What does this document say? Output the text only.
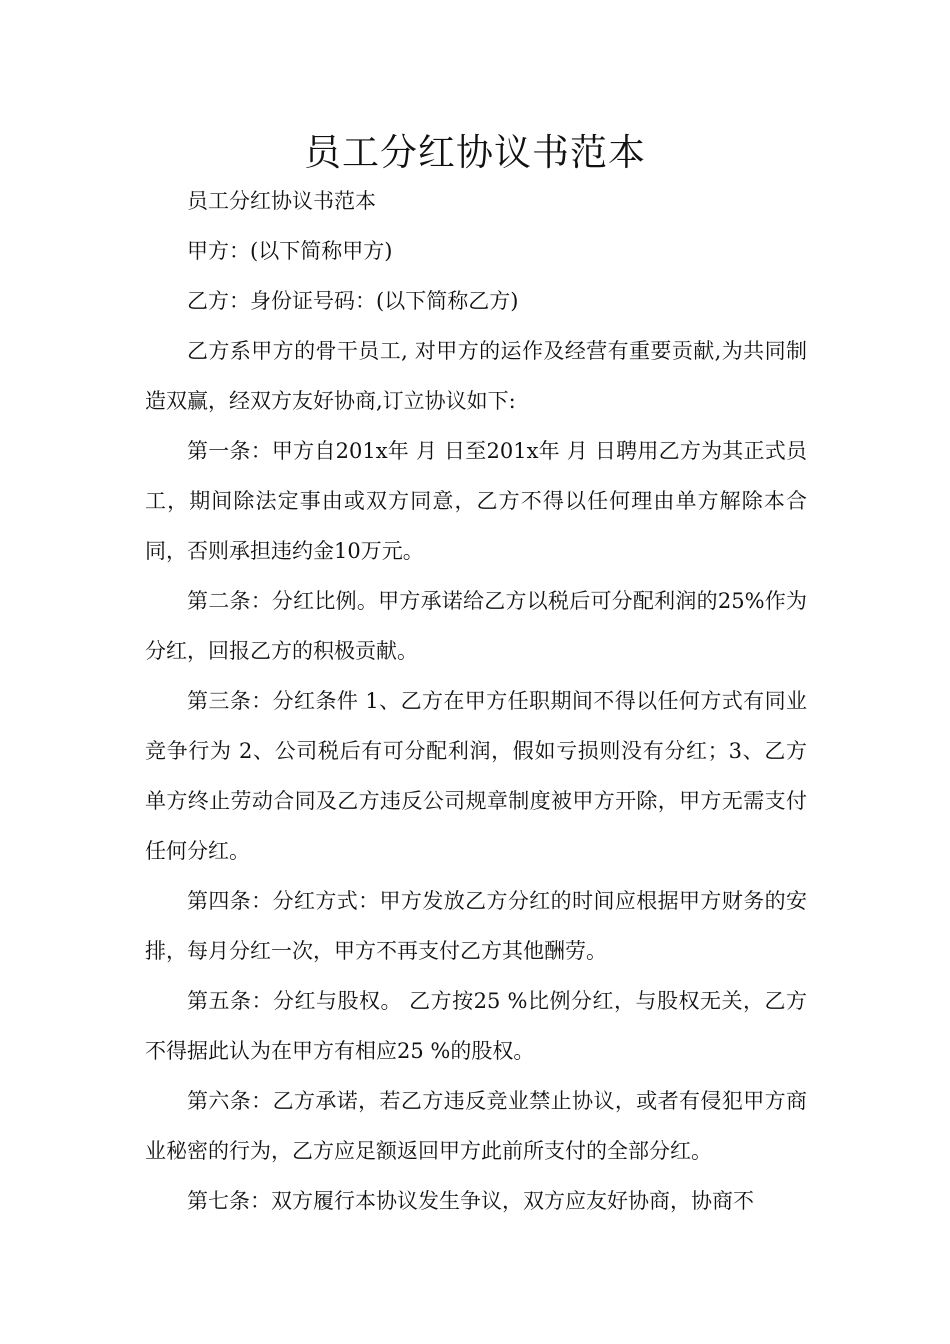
员工分红协议书范本

员工分红协议书范本

甲方：(以下简称甲方)

乙方：身份证号码：(以下简称乙方)

乙方系甲方的骨干员工, 对甲方的运作及经营有重要贡献,为共同制造双赢，经双方友好协商,订立协议如下:

第一条：甲方自201x年 月 日至201x年 月 日聘用乙方为其正式员工，期间除法定事由或双方同意，乙方不得以任何理由单方解除本合同，否则承担违约金10万元。

第二条：分红比例。甲方承诺给乙方以税后可分配利润的25%作为分红，回报乙方的积极贡献。

第三条：分红条件 1、乙方在甲方任职期间不得以任何方式有同业竞争行为 2、公司税后有可分配利润，假如亏损则没有分红；3、乙方单方终止劳动合同及乙方违反公司规章制度被甲方开除，甲方无需支付任何分红。

第四条：分红方式：甲方发放乙方分红的时间应根据甲方财务的安排，每月分红一次，甲方不再支付乙方其他酬劳。

第五条：分红与股权。 乙方按25 %比例分红，与股权无关，乙方不得据此认为在甲方有相应25 %的股权。

第六条：乙方承诺，若乙方违反竞业禁止协议，或者有侵犯甲方商业秘密的行为，乙方应足额返回甲方此前所支付的全部分红。

第七条：双方履行本协议发生争议，双方应友好协商，协商不
